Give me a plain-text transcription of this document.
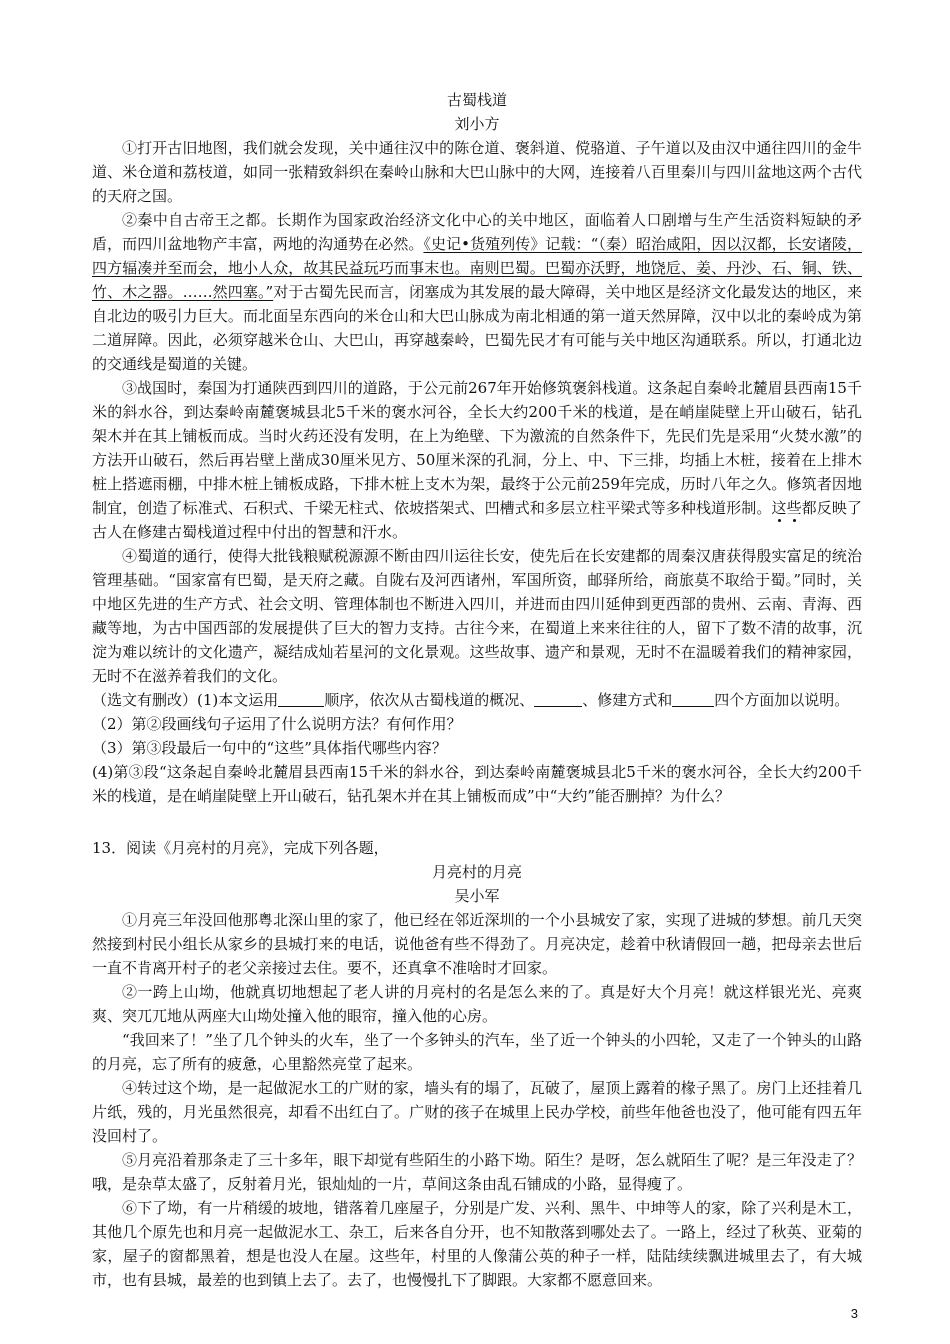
古蜀栈道

刘小方

①打开古旧地图，我们就会发现，关中通往汉中的陈仓道、褒斜道、傥骆道、子午道以及由汉中通往四川的金牛道、米仓道和荔枝道，如同一张精致斜织在秦岭山脉和大巴山脉中的大网，连接着八百里秦川与四川盆地这两个古代的天府之国。

②秦中自古帝王之都。长期作为国家政治经济文化中心的关中地区，面临着人口剧增与生产生活资料短缺的矛盾，而四川盆地物产丰富，两地的沟通势在必然。《史记•货殖列传》记载：“（秦）昭治咸阳，因以汉都，长安诸陵，四方辐凑并至而会，地小人众，故其民益玩巧而事末也。南则巴蜀。巴蜀亦沃野，地饶卮、姜、丹沙、石、铜、铁、竹、木之器。……然四塞。”对于古蜀先民而言，闭塞成为其发展的最大障碍，关中地区是经济文化最发达的地区，来自北边的吸引力巨大。而北面呈东西向的米仓山和大巴山脉成为南北相通的第一道天然屏障，汉中以北的秦岭成为第二道屏障。因此，必须穿越米仓山、大巴山，再穿越秦岭，巴蜀先民才有可能与关中地区沟通联系。所以，打通北边的交通线是蜀道的关键。

③战国时，秦国为打通陕西到四川的道路，于公元前267年开始修筑褒斜栈道。这条起自秦岭北麓眉县西南15千米的斜水谷，到达秦岭南麓褒城县北5千米的褒水河谷，全长大约200千米的栈道，是在峭崖陡壁上开山破石，钻孔架木并在其上铺板而成。当时火药还没有发明，在上为绝壁、下为激流的自然条件下，先民们先是采用“火焚水激”的方法开山破石，然后再岩壁上凿成30厘米见方、50厘米深的孔洞，分上、中、下三排，均插上木桩，接着在上排木桩上搭遮雨棚，中排木桩上铺板成路，下排木桩上支木为架，最终于公元前259年完成，历时八年之久。修筑者因地制宜，创造了标准式、石积式、千梁无柱式、依坡搭架式、凹槽式和多层立柱平梁式等多种栈道形制。这些都反映了古人在修建古蜀栈道过程中付出的智慧和汗水。

④蜀道的通行，使得大批钱粮赋税源源不断由四川运往长安，使先后在长安建都的周秦汉唐获得殷实富足的统治管理基础。“国家富有巴蜀，是天府之藏。自陇右及河西诸州，军国所资，邮驿所给，商旅莫不取给于蜀。”同时，关中地区先进的生产方式、社会文明、管理体制也不断进入四川，并进而由四川延伸到更西部的贵州、云南、青海、西藏等地，为古中国西部的发展提供了巨大的智力支持。古往今来，在蜀道上来来往往的人，留下了数不清的故事，沉淀为难以统计的文化遗产，凝结成灿若星河的文化景观。这些故事、遗产和景观，无时不在温暖着我们的精神家园，无时不在滋养着我们的文化。

（选文有删改）(1)本文运用	顺序，依次从古蜀栈道的概况、	、修建方式和	四个方面加以说明。

（2）第②段画线句子运用了什么说明方法？有何作用？

（3）第③段最后一句中的“这些”具体指代哪些内容？

(4)第③段“这条起自秦岭北麓眉县西南15千米的斜水谷，到达秦岭南麓褒城县北5千米的褒水河谷，全长大约200千米的栈道，是在峭崖陡壁上开山破石，钻孔架木并在其上铺板而成”中“大约”能否删掉？为什么？

13．阅读《月亮村的月亮》，完成下列各题，

月亮村的月亮

吴小军

①月亮三年没回他那粤北深山里的家了，他已经在邻近深圳的一个小县城安了家，实现了进城的梦想。前几天突然接到村民小组长从家乡的县城打来的电话，说他爸有些不得劲了。月亮决定，趁着中秋请假回一趟，把母亲去世后一直不肯离开村子的老父亲接过去住。要不，还真拿不准啥时才回家。

②一跨上山坳，他就真切地想起了老人讲的月亮村的名是怎么来的了。真是好大个月亮！就这样银光光、亮爽爽、突兀兀地从两座大山坳处撞入他的眼帘，撞入他的心房。

“我回来了！”坐了几个钟头的火车，坐了一个多钟头的汽车，坐了近一个钟头的小四轮，又走了一个钟头的山路的月亮，忘了所有的疲惫，心里豁然亮堂了起来。

④转过这个坳，是一起做泥水工的广财的家，墙头有的塌了，瓦破了，屋顶上露着的椽子黑了。房门上还挂着几片纸，残的，月光虽然很亮，却看不出红白了。广财的孩子在城里上民办学校，前些年他爸也没了，他可能有四五年没回村了。

⑤月亮沿着那条走了三十多年，眼下却觉有些陌生的小路下坳。陌生？是呀，怎么就陌生了呢？是三年没走了？哦，是杂草太盛了，反射着月光，银灿灿的一片，草间这条由乱石铺成的小路，显得瘦了。

⑥下了坳，有一片稍缓的坡地，错落着几座屋子，分别是广发、兴利、黑牛、中坤等人的家，除了兴利是木工，其他几个原先也和月亮一起做泥水工、杂工，后来各自分开，也不知散落到哪处去了。一路上，经过了秋英、亚菊的家，屋子的窗都黑着，想是也没人在屋。这些年，村里的人像蒲公英的种子一样，陆陆续续飘进城里去了，有大城市，也有县城，最差的也到镇上去了。去了，也慢慢扎下了脚跟。大家都不愿意回来。

3
